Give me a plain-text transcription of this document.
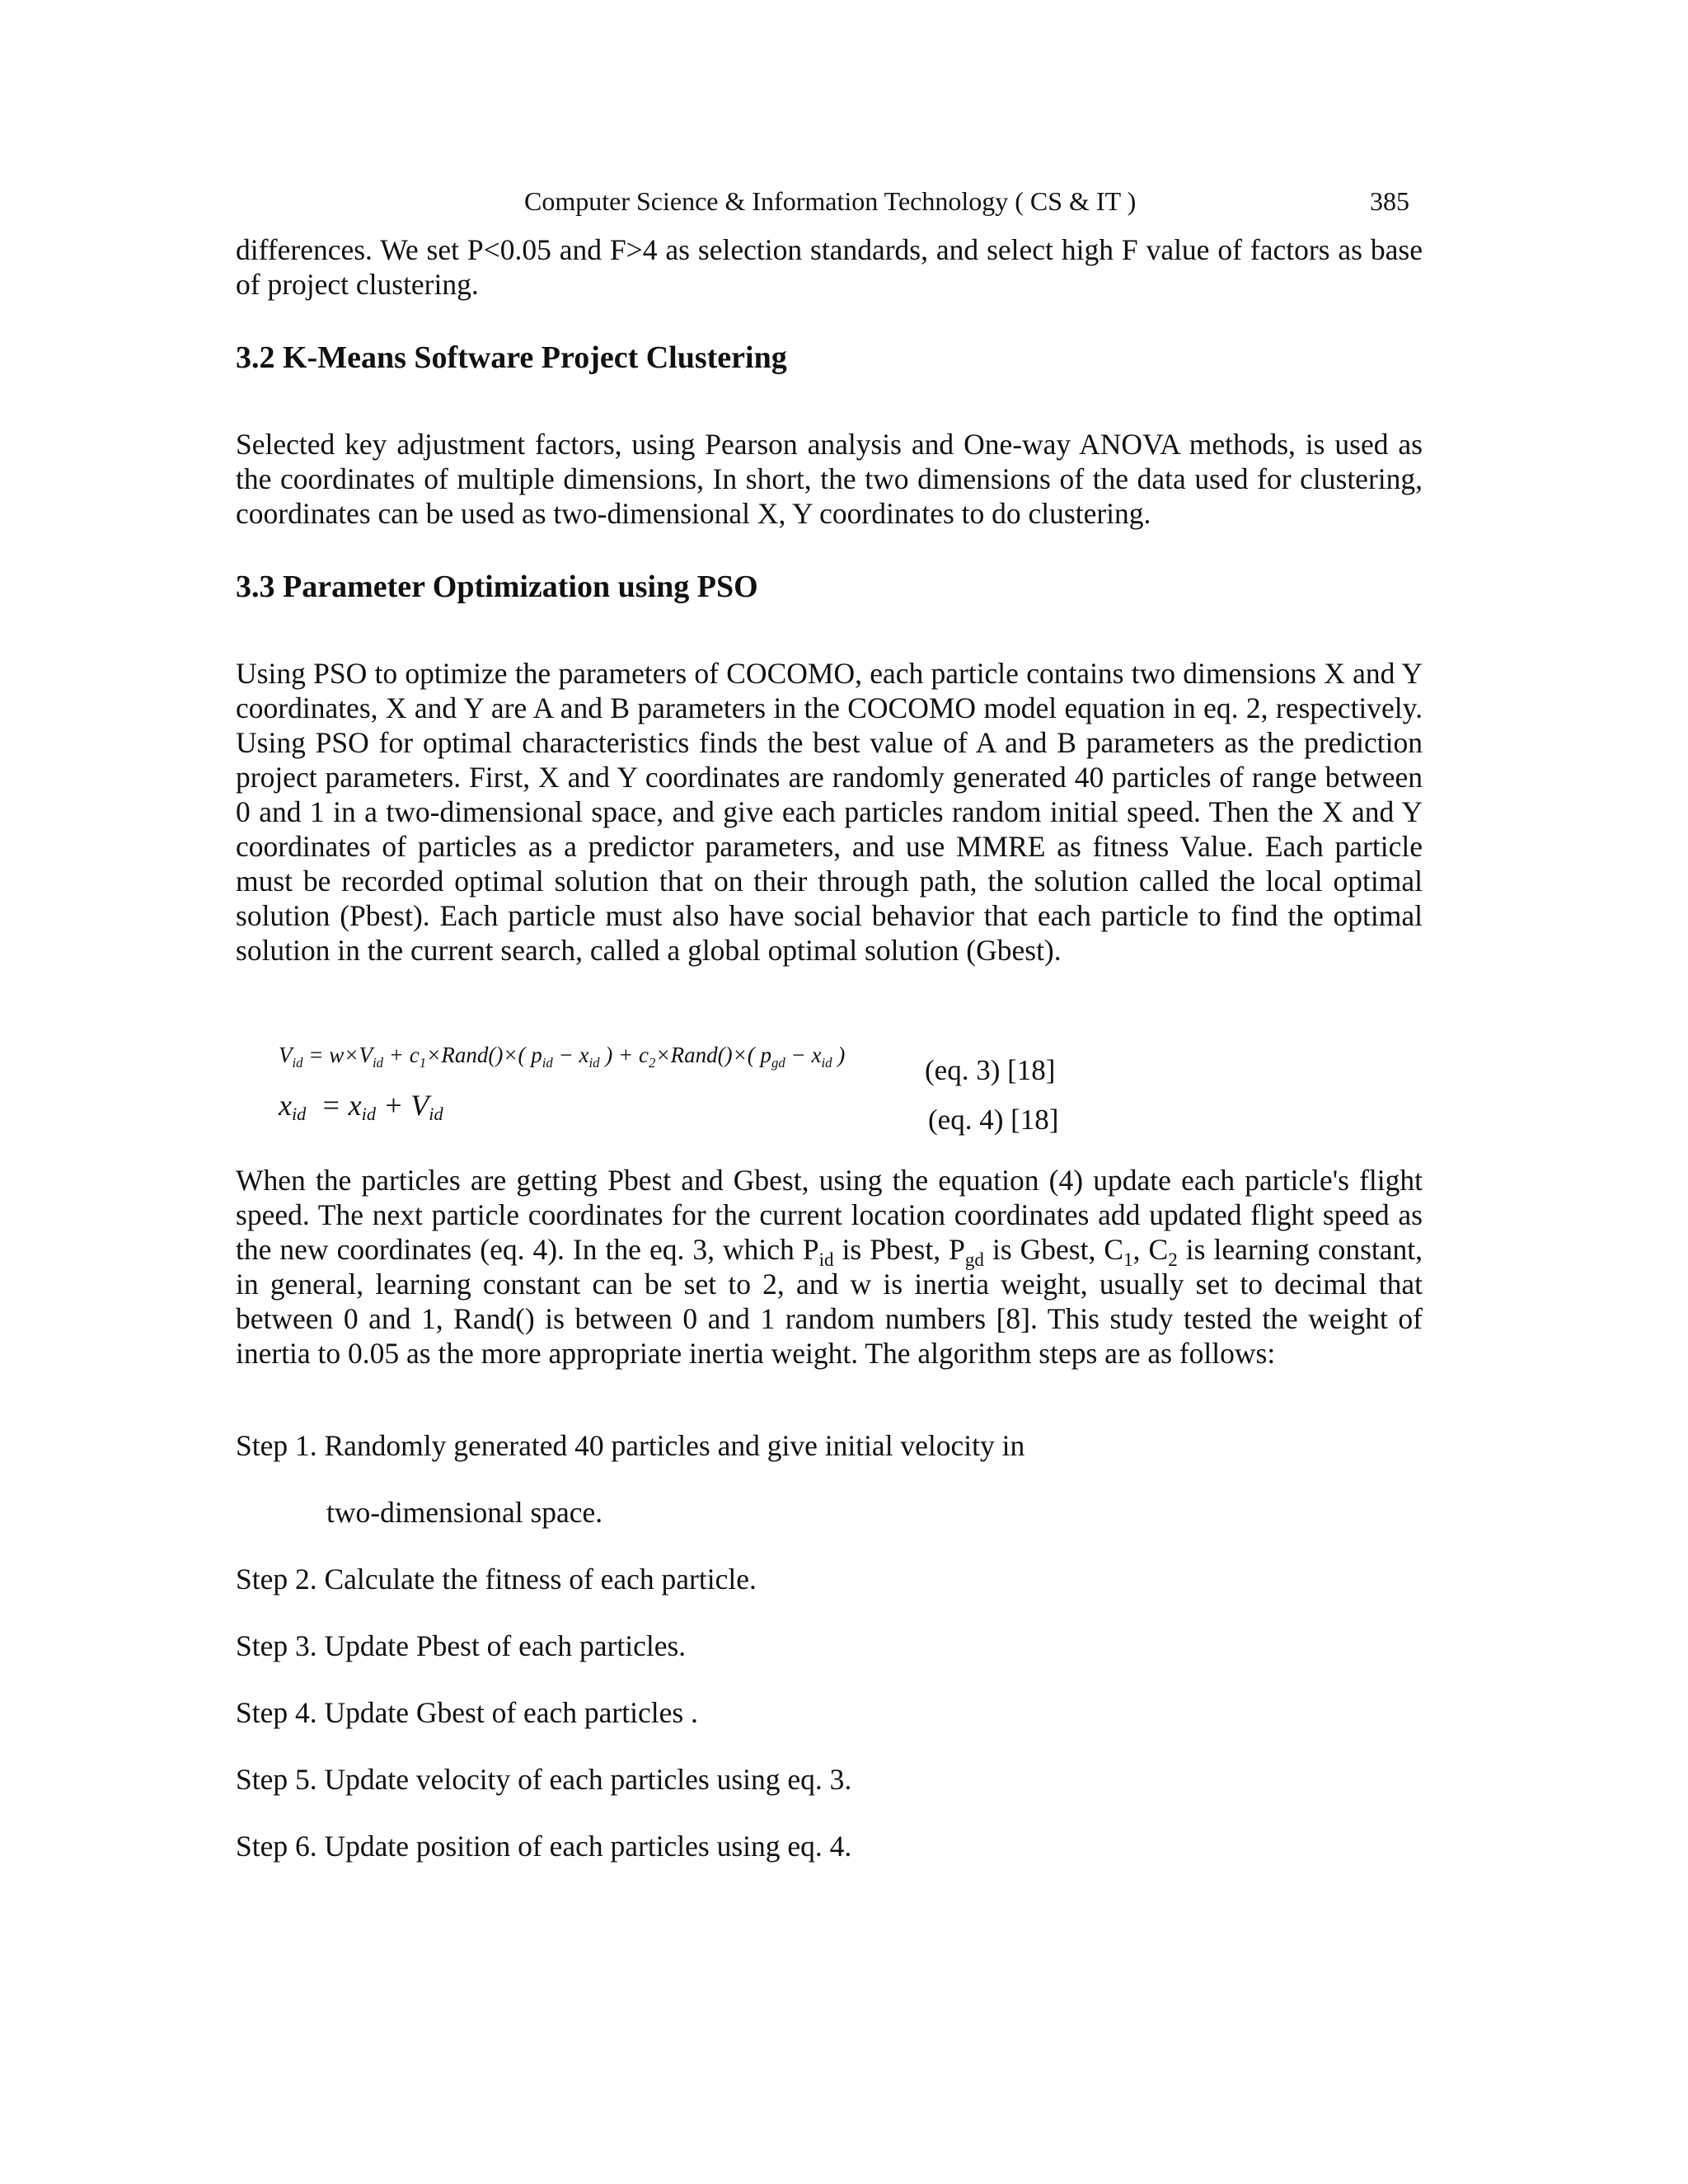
Computer Science & Information Technology ( CS & IT )	385
differences. We set P<0.05 and F>4 as selection standards, and select high F value of factors as base of project clustering.
3.2 K-Means Software Project Clustering
Selected key adjustment factors, using Pearson analysis and One-way ANOVA methods, is used as the coordinates of multiple dimensions, In short, the two dimensions of the data used for clustering, coordinates can be used as two-dimensional X, Y coordinates to do clustering.
3.3 Parameter Optimization using PSO
Using PSO to optimize the parameters of COCOMO, each particle contains two dimensions X and Y coordinates, X and Y are A and B parameters in the COCOMO model equation in eq. 2, respectively. Using PSO for optimal characteristics finds the best value of A and B parameters as the prediction project parameters. First, X and Y coordinates are randomly generated 40 particles of range between 0 and 1 in a two-dimensional space, and give each particles random initial speed. Then the X and Y coordinates of particles as a predictor parameters, and use MMRE as fitness Value. Each particle must be recorded optimal solution that on their through path, the solution called the local optimal solution (Pbest). Each particle must also have social behavior that each particle to find the optimal solution in the current search, called a global optimal solution (Gbest).
$V_{id} = w\times V_{id}$ + $c_1\times Rand()\times$( $p_{id} - x_{id}$ ) + $c_2\times Rand()\times$( $p_{gd} - x_{id}$ )	(eq. 3) [18]
$x_{id} = x_{id} + V_{id}$	(eq. 4) [18]
When the particles are getting Pbest and Gbest, using the equation (4) update each particle's flight speed. The next particle coordinates for the current location coordinates add updated flight speed as the new coordinates (eq. 4). In the eq. 3, which $P_{id}$ is Pbest, $P_{gd}$ is Gbest, $C_1$, $C_2$ is learning constant, in general, learning constant can be set to 2, and w is inertia weight, usually set to decimal that between 0 and 1, Rand() is between 0 and 1 random numbers [8]. This study tested the weight of inertia to 0.05 as the more appropriate inertia weight. The algorithm steps are as follows:
Step 1. Randomly generated 40 particles and give initial velocity in
two-dimensional space.
Step 2. Calculate the fitness of each particle.
Step 3. Update Pbest of each particles.
Step 4. Update Gbest of each particles .
Step 5. Update velocity of each particles using eq. 3.
Step 6. Update position of each particles using eq. 4.
